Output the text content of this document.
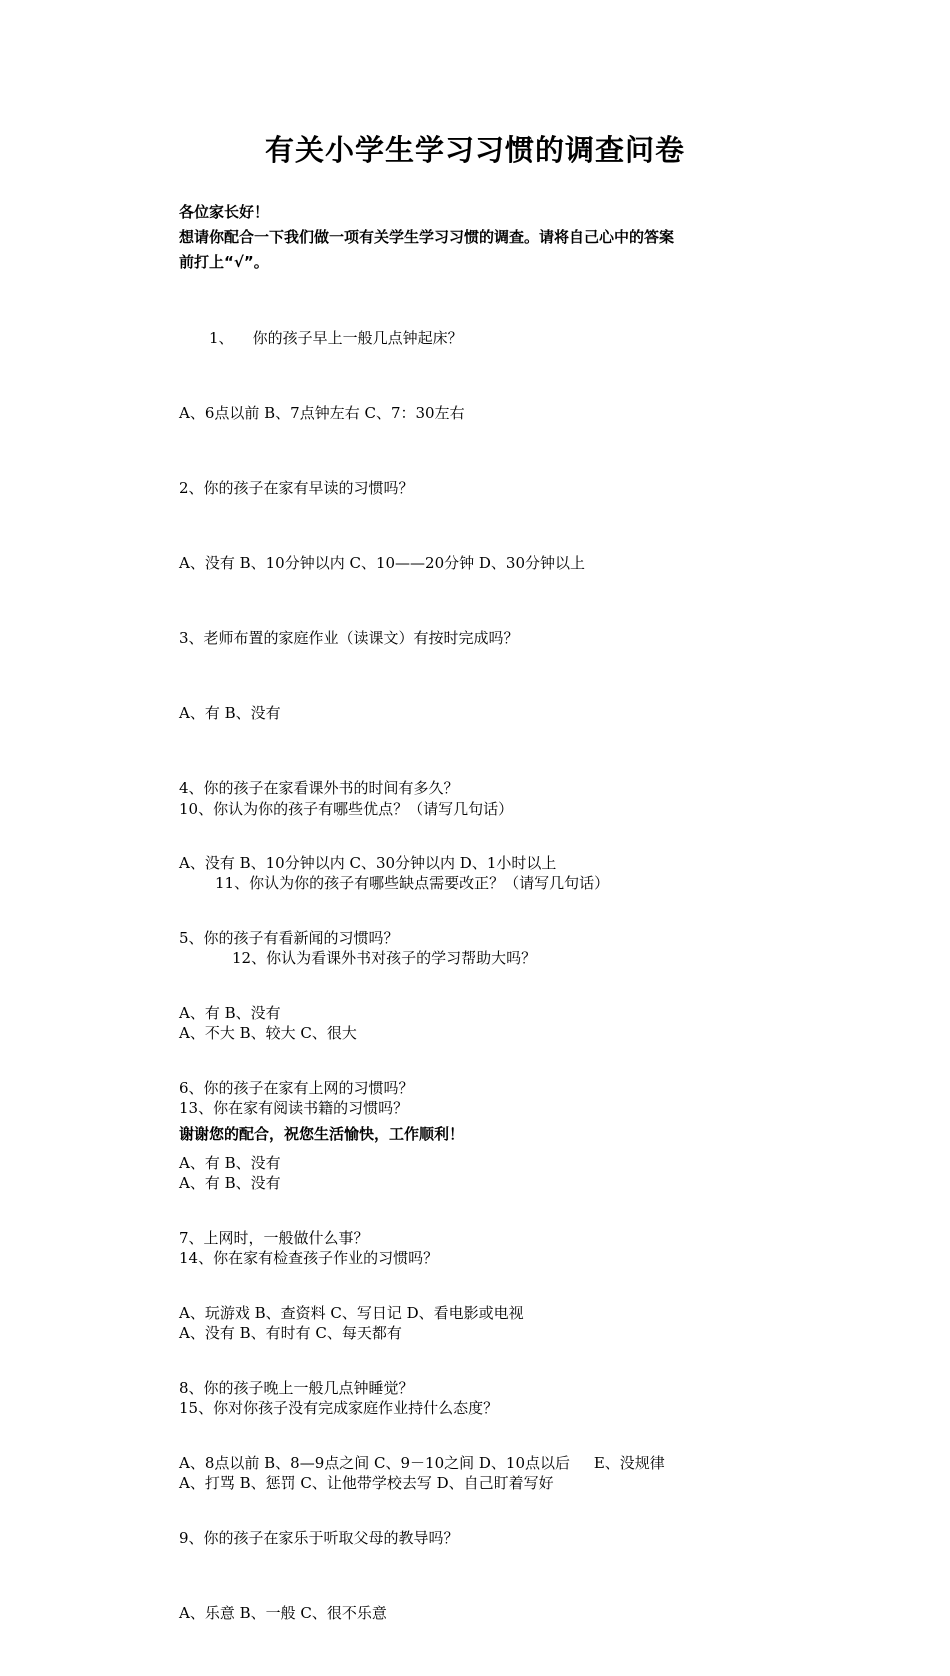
有关小学生学习习惯的调查问卷
各位家长好！
想请你配合一下我们做一项有关学生学习习惯的调查。请将自己心中的答案
前打上“√”。

1、    你的孩子早上一般几点钟起床？

A、6点以前 B、7点钟左右 C、7：30左右

2、你的孩子在家有早读的习惯吗？

A、没有 B、10分钟以内 C、10——20分钟 D、30分钟以上

3、老师布置的家庭作业（读课文）有按时完成吗？

A、有 B、没有

4、你的孩子在家看课外书的时间有多久？

A、没有 B、10分钟以内 C、30分钟以内 D、1小时以上

5、你的孩子有看新闻的习惯吗？

A、有 B、没有

6、你的孩子在家有上网的习惯吗？

A、有 B、没有

7、上网时，一般做什么事？

A、玩游戏 B、查资料 C、写日记 D、看电影或电视

8、你的孩子晚上一般几点钟睡觉？

A、8点以前 B、8—9点之间 C、9－10之间 D、10点以后     E、没规律

9、你的孩子在家乐于听取父母的教导吗？

A、乐意 B、一般 C、很不乐意

10、你认为你的孩子有哪些优点？（请写几句话）

11、你认为你的孩子有哪些缺点需要改正？（请写几句话）

12、你认为看课外书对孩子的学习帮助大吗？

A、不大 B、较大 C、很大

13、你在家有阅读书籍的习惯吗？

A、有 B、没有

14、你在家有检查孩子作业的习惯吗？

A、没有 B、有时有 C、每天都有

15、你对你孩子没有完成家庭作业持什么态度？

A、打骂 B、惩罚 C、让他带学校去写 D、自己盯着写好

谢谢您的配合，祝您生活愉快，工作顺利！
